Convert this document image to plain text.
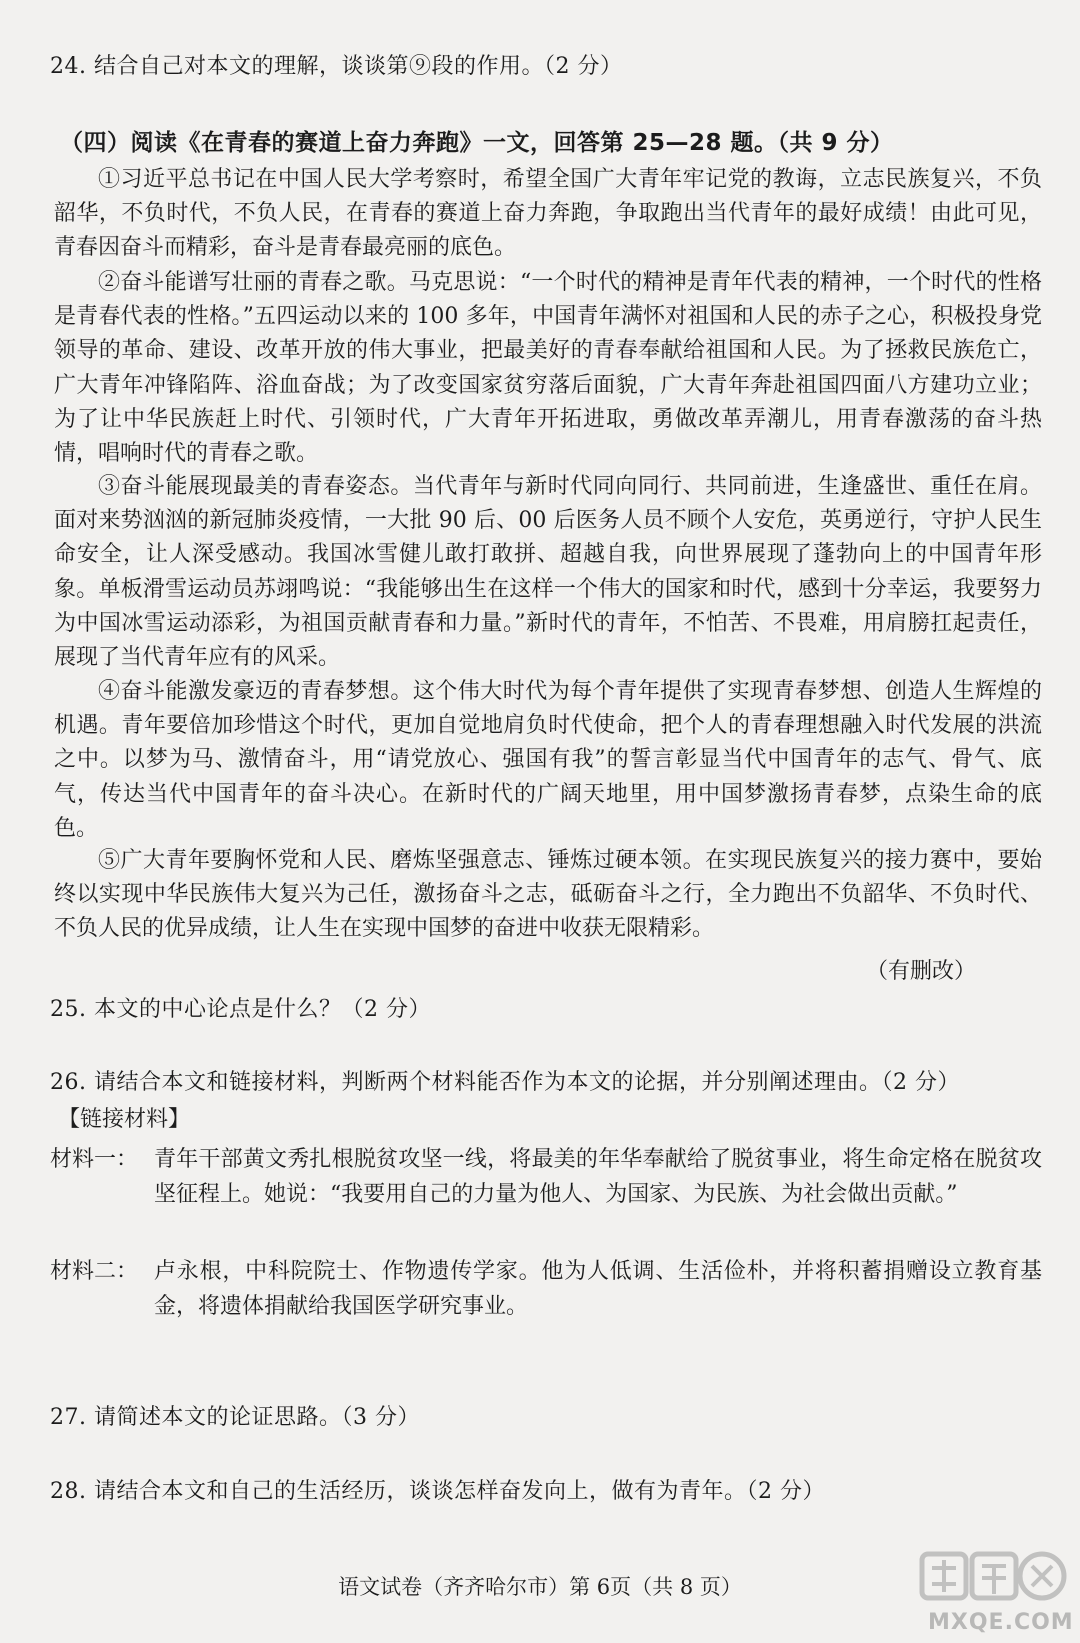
24. 结合自己对本文的理解，谈谈第⑨段的作用。（2 分）
（四）阅读《在青春的赛道上奋力奔跑》一文，回答第 25—28 题。（共 9 分）
①习近平总书记在中国人民大学考察时，希望全国广大青年牢记党的教诲，立志民族复兴，不负韶华，不负时代，不负人民，在青春的赛道上奋力奔跑，争取跑出当代青年的最好成绩！由此可见，青春因奋斗而精彩，奋斗是青春最亮丽的底色。
②奋斗能谱写壮丽的青春之歌。马克思说：“一个时代的精神是青年代表的精神，一个时代的性格是青春代表的性格。”五四运动以来的 100 多年，中国青年满怀对祖国和人民的赤子之心，积极投身党领导的革命、建设、改革开放的伟大事业，把最美好的青春奉献给祖国和人民。为了拯救民族危亡，广大青年冲锋陷阵、浴血奋战；为了改变国家贫穷落后面貌，广大青年奔赴祖国四面八方建功立业；为了让中华民族赶上时代、引领时代，广大青年开拓进取，勇做改革弄潮儿，用青春激荡的奋斗热情，唱响时代的青春之歌。
③奋斗能展现最美的青春姿态。当代青年与新时代同向同行、共同前进，生逢盛世、重任在肩。面对来势汹汹的新冠肺炎疫情，一大批 90 后、00 后医务人员不顾个人安危，英勇逆行，守护人民生命安全，让人深受感动。我国冰雪健儿敢打敢拼、超越自我，向世界展现了蓬勃向上的中国青年形象。单板滑雪运动员苏翊鸣说：“我能够出生在这样一个伟大的国家和时代，感到十分幸运，我要努力为中国冰雪运动添彩，为祖国贡献青春和力量。”新时代的青年，不怕苦、不畏难，用肩膀扛起责任，展现了当代青年应有的风采。
④奋斗能激发豪迈的青春梦想。这个伟大时代为每个青年提供了实现青春梦想、创造人生辉煌的机遇。青年要倍加珍惜这个时代，更加自觉地肩负时代使命，把个人的青春理想融入时代发展的洪流之中。以梦为马、激情奋斗，用“请党放心、强国有我”的誓言彰显当代中国青年的志气、骨气、底气，传达当代中国青年的奋斗决心。在新时代的广阔天地里，用中国梦激扬青春梦，点染生命的底色。
⑤广大青年要胸怀党和人民、磨炼坚强意志、锤炼过硬本领。在实现民族复兴的接力赛中，要始终以实现中华民族伟大复兴为己任，激扬奋斗之志，砥砺奋斗之行，全力跑出不负韶华、不负时代、不负人民的优异成绩，让人生在实现中国梦的奋进中收获无限精彩。
（有删改）
25. 本文的中心论点是什么？（2 分）
26. 请结合本文和链接材料，判断两个材料能否作为本文的论据，并分别阐述理由。（2 分）
【链接材料】
材料一： 青年干部黄文秀扎根脱贫攻坚一线，将最美的年华奉献给了脱贫事业，将生命定格在脱贫攻坚征程上。她说：“我要用自己的力量为他人、为国家、为民族、为社会做出贡献。”
材料二： 卢永根，中科院院士、作物遗传学家。他为人低调、生活俭朴，并将积蓄捐赠设立教育基金，将遗体捐献给我国医学研究事业。
27. 请简述本文的论证思路。（3 分）
28. 请结合本文和自己的生活经历，谈谈怎样奋发向上，做有为青年。（2 分）
语文试卷（齐齐哈尔市）第 6页（共 8 页）
MXQE.COM
